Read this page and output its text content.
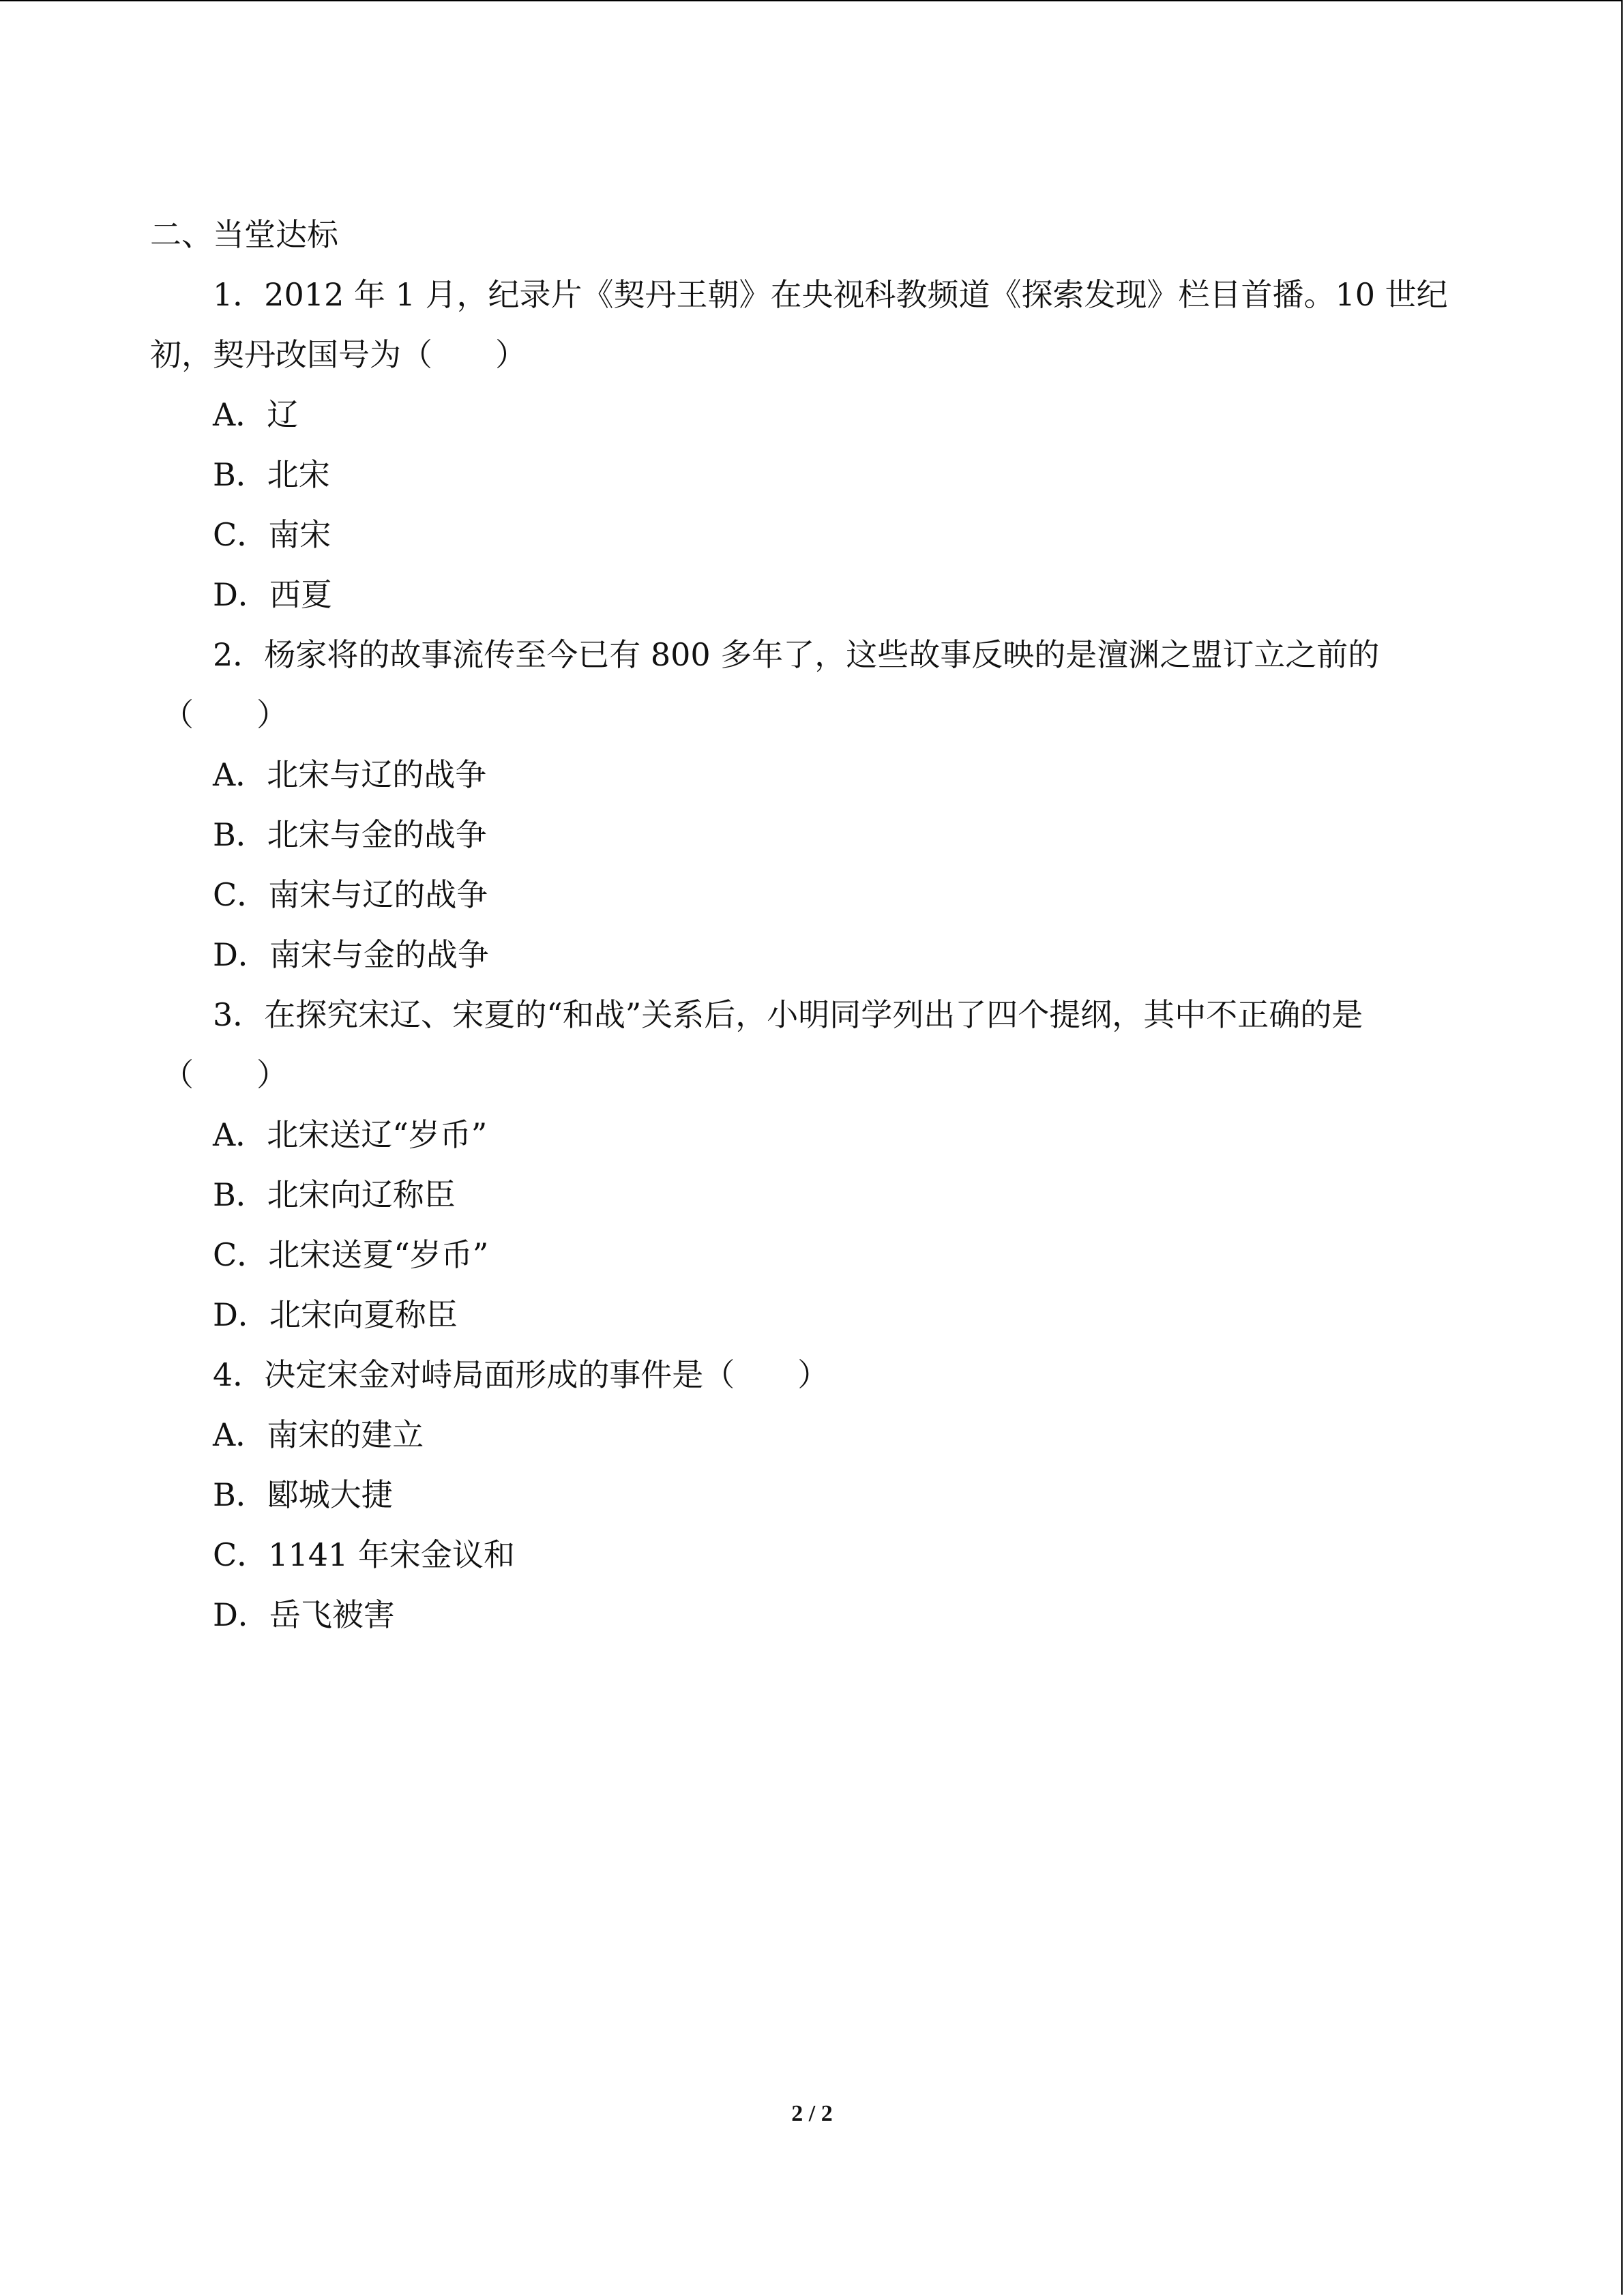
二、当堂达标
1．2012 年 1 月，纪录片《契丹王朝》在央视科教频道《探索发现》栏目首播。10 世纪
初，契丹改国号为（　　）
A．辽
B．北宋
C．南宋
D．西夏
2．杨家将的故事流传至今已有 800 多年了，这些故事反映的是澶渊之盟订立之前的
（　　）
A．北宋与辽的战争
B．北宋与金的战争
C．南宋与辽的战争
D．南宋与金的战争
3．在探究宋辽、宋夏的“和战”关系后，小明同学列出了四个提纲，其中不正确的是
（　　）
A．北宋送辽“岁币”
B．北宋向辽称臣
C．北宋送夏“岁币”
D．北宋向夏称臣
4．决定宋金对峙局面形成的事件是（　　）
A．南宋的建立
B．郾城大捷
C．1141 年宋金议和
D．岳飞被害
2 / 2
